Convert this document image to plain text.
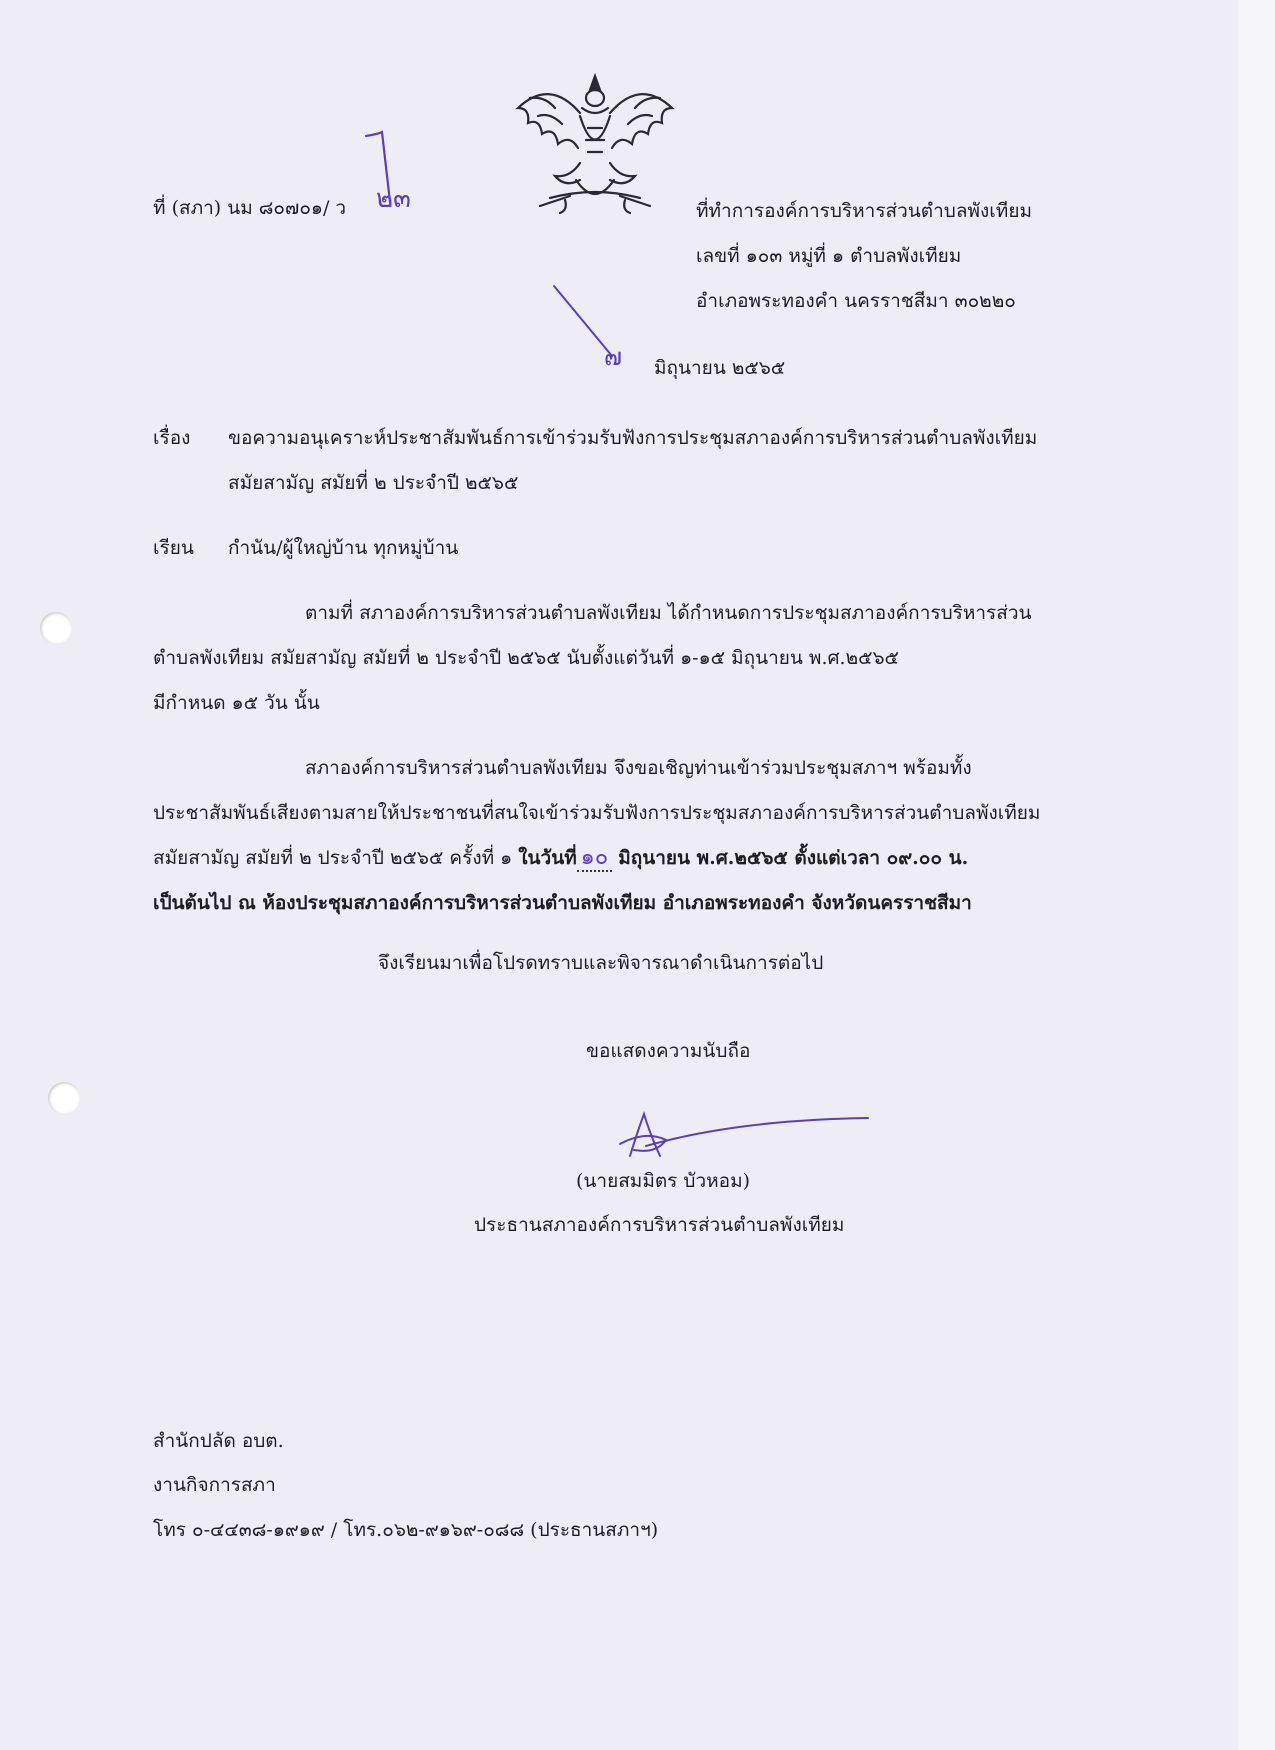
ที่ (สภา) นม ๘๐๗๐๑/ ว ๒๓	ที่ทำการองค์การบริหารส่วนตำบลพังเทียม
เลขที่ ๑๐๓ หมู่ที่ ๑ ตำบลพังเทียม
อำเภอพระทองคำ นครราชสีมา ๓๐๒๒๐
๗ มิถุนายน ๒๕๖๕
เรื่อง ขอความอนุเคราะห์ประชาสัมพันธ์การเข้าร่วมรับฟังการประชุมสภาองค์การบริหารส่วนตำบลพังเทียม
สมัยสามัญ สมัยที่ ๒ ประจำปี ๒๕๖๕
เรียน กำนัน/ผู้ใหญ่บ้าน ทุกหมู่บ้าน
ตามที่ สภาองค์การบริหารส่วนตำบลพังเทียม ได้กำหนดการประชุมสภาองค์การบริหารส่วน
ตำบลพังเทียม สมัยสามัญ สมัยที่ ๒ ประจำปี ๒๕๖๕ นับตั้งแต่วันที่ ๑-๑๕ มิถุนายน พ.ศ.๒๕๖๕
มีกำหนด ๑๕ วัน นั้น
สภาองค์การบริหารส่วนตำบลพังเทียม จึงขอเชิญท่านเข้าร่วมประชุมสภาฯ พร้อมทั้ง
ประชาสัมพันธ์เสียงตามสายให้ประชาชนที่สนใจเข้าร่วมรับฟังการประชุมสภาองค์การบริหารส่วนตำบลพังเทียม
สมัยสามัญ สมัยที่ ๒ ประจำปี ๒๕๖๕ ครั้งที่ ๑ ในวันที่ ๑๐ มิถุนายน พ.ศ.๒๕๖๕ ตั้งแต่เวลา ๐๙.๐๐ น.
เป็นต้นไป ณ ห้องประชุมสภาองค์การบริหารส่วนตำบลพังเทียม อำเภอพระทองคำ จังหวัดนครราชสีมา
จึงเรียนมาเพื่อโปรดทราบและพิจารณาดำเนินการต่อไป
ขอแสดงความนับถือ
(นายสมมิตร บัวหอม)
ประธานสภาองค์การบริหารส่วนตำบลพังเทียม
สำนักปลัด อบต.
งานกิจการสภา
โทร ๐-๔๔๓๘-๑๙๑๙ / โทร.๐๖๒-๙๑๖๙-๐๘๘ (ประธานสภาฯ)
